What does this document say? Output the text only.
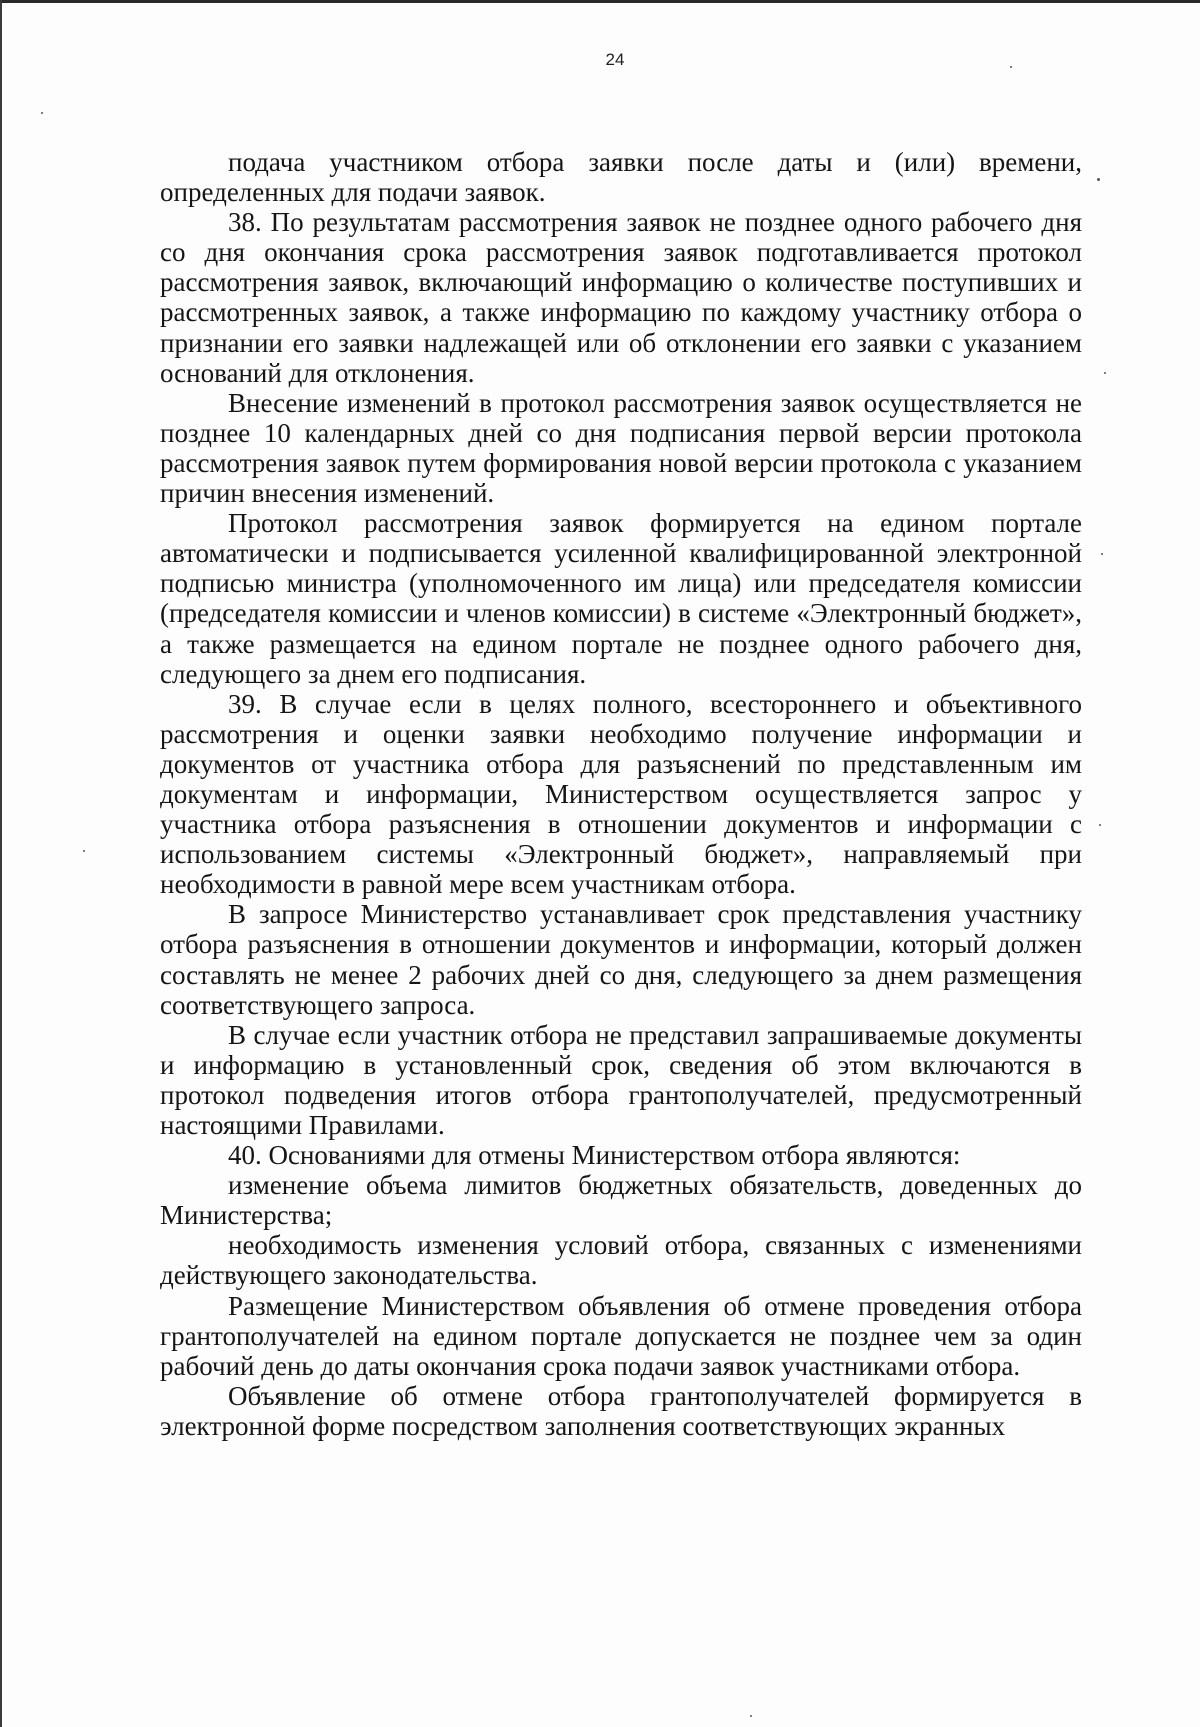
24

подача участником отбора заявки после даты и (или) времени, определенных для подачи заявок.

38. По результатам рассмотрения заявок не позднее одного рабочего дня со дня окончания срока рассмотрения заявок подготавливается протокол рассмотрения заявок, включающий информацию о количестве поступивших и рассмотренных заявок, а также информацию по каждому участнику отбора о признании его заявки надлежащей или об отклонении его заявки с указанием оснований для отклонения.

Внесение изменений в протокол рассмотрения заявок осуществляется не позднее 10 календарных дней со дня подписания первой версии протокола рассмотрения заявок путем формирования новой версии протокола с указанием причин внесения изменений.

Протокол рассмотрения заявок формируется на едином портале автоматически и подписывается усиленной квалифицированной электронной подписью министра (уполномоченного им лица) или председателя комиссии (председателя комиссии и членов комиссии) в системе «Электронный бюджет», а также размещается на едином портале не позднее одного рабочего дня, следующего за днем его подписания.

39. В случае если в целях полного, всестороннего и объективного рассмотрения и оценки заявки необходимо получение информации и документов от участника отбора для разъяснений по представленным им документам и информации, Министерством осуществляется запрос у участника отбора разъяснения в отношении документов и информации с использованием системы «Электронный бюджет», направляемый при необходимости в равной мере всем участникам отбора.

В запросе Министерство устанавливает срок представления участнику отбора разъяснения в отношении документов и информации, который должен составлять не менее 2 рабочих дней со дня, следующего за днем размещения соответствующего запроса.

В случае если участник отбора не представил запрашиваемые документы и информацию в установленный срок, сведения об этом включаются в протокол подведения итогов отбора грантополучателей, предусмотренный настоящими Правилами.

40. Основаниями для отмены Министерством отбора являются:

изменение объема лимитов бюджетных обязательств, доведенных до Министерства;

необходимость изменения условий отбора, связанных с изменениями действующего законодательства.

Размещение Министерством объявления об отмене проведения отбора грантополучателей на едином портале допускается не позднее чем за один рабочий день до даты окончания срока подачи заявок участниками отбора.

Объявление об отмене отбора грантополучателей формируется в электронной форме посредством заполнения соответствующих экранных
